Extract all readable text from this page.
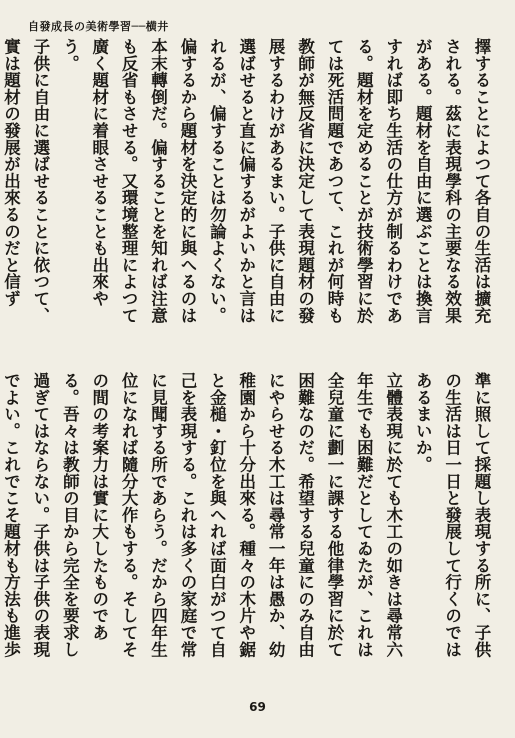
自發成長の美術學習──横井

擇することによつて各自の生活は擴充される。茲に表現學科の主要なる效果がある。題材を自由に選ぶことは換言すれば即ち生活の仕方が制るわけである。題材を定めることが技術學習に於ては死活問題であつて、これが何時も教師が無反省に決定して表現題材の發展するわけがあるまい。子供に自由に選ばせると直に偏するがよいかと言はれるが、偏することは勿論よくない。偏するから題材を決定的に與へるのは本末轉倒だ。偏することを知れば注意も反省もさせる。又環境整理によつて廣く題材に着眼させることも出來やう。

子供に自由に選ばせることに依つて、實は題材の發展が出來るのだと信ず

準に照して採題し表現する所に、子供の生活は日一日と發展して行くのではあるまいか。

立體表現に於ても木工の如きは尋常六年生でも困難だとしてゐたが、これは全兒童に劃一に課する他律學習に於て困難なのだ。希望する兒童にのみ自由にやらせる木工は尋常一年は愚か、幼稚園から十分出來る。種々の木片や鋸と金槌・釘位を與へれば面白がつて自己を表現する。これは多くの家庭で常に見聞する所であらう。だから四年生位になれば隨分大作もする。そしてその間の考案力は實に大したものである。吾々は教師の目から完全を要求し過ぎてはならない。子供は子供の表現でよい。これでこそ題材も方法も進歩

69
